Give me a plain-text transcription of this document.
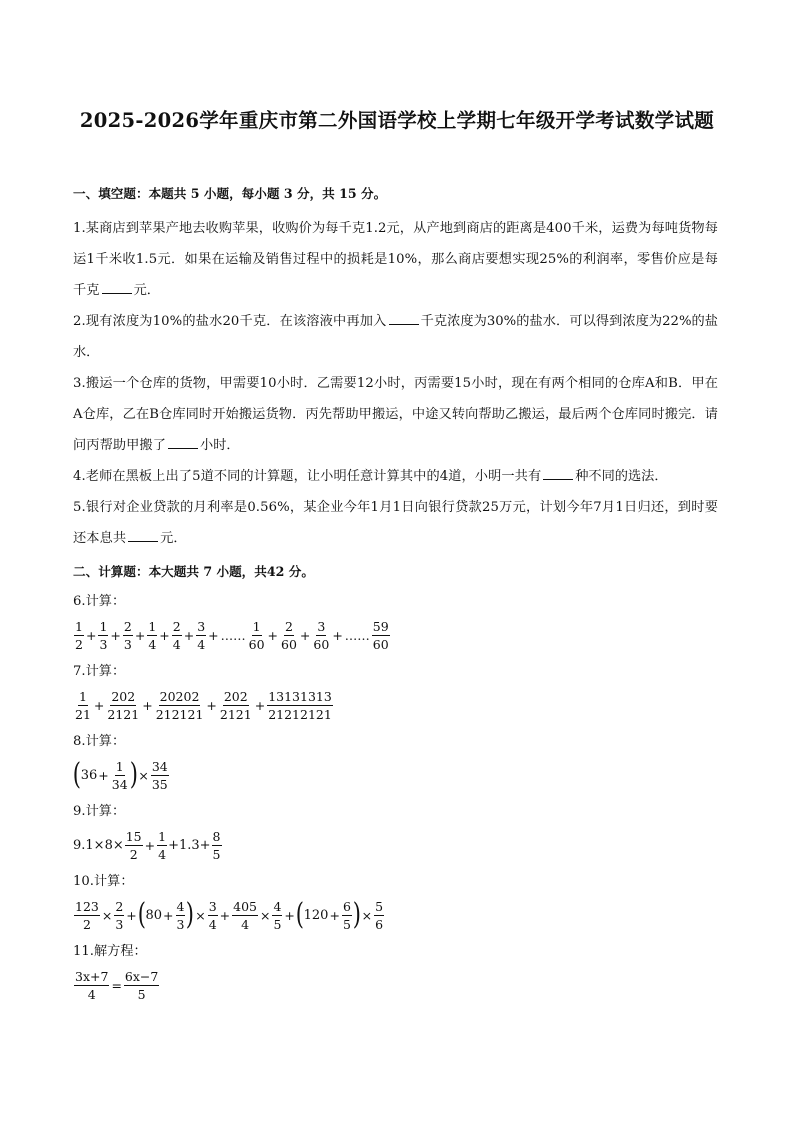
2025-2026学年重庆市第二外国语学校上学期七年级开学考试数学试题
一、填空题：本题共 5 小题，每小题 3 分，共 15 分。

1.某商店到苹果产地去收购苹果，收购价为每千克1.2元，从产地到商店的距离是400千米，运费为每吨货物每运1千米收1.5元．如果在运输及销售过程中的损耗是10%，那么商店要想实现25%的利润率，零售价应是每千克	元．

2.现有浓度为10%的盐水20千克．在该溶液中再加入	千克浓度为30%的盐水．可以得到浓度为22%的盐水．

3.搬运一个仓库的货物，甲需要10小时．乙需要12小时，丙需要15小时，现在有两个相同的仓库A和B．甲在A仓库，乙在B仓库同时开始搬运货物．丙先帮助甲搬运，中途又转向帮助乙搬运，最后两个仓库同时搬完．请问丙帮助甲搬了	小时．

4.老师在黑板上出了5道不同的计算题，让小明任意计算其中的4道，小明一共有	种不同的选法．

5.银行对企业贷款的月利率是0.56%，某企业今年1月1日向银行贷款25万元，计划今年7月1日归还，到时要还本息共	元．

二、计算题：本大题共 7 小题，共42 分。
6.计算：
$\frac{1}{2} + \frac{1}{3} + \frac{2}{3} + \frac{1}{4} + \frac{2}{4} + \frac{3}{4}$ + …… $\frac{1}{60} + \frac{2}{60} + \frac{3}{60}$ + …… $\frac{59}{60}$
7.计算：
$\frac{1}{21} + \frac{202}{2121} + \frac{20202}{212121} + \frac{202}{2121} + \frac{13131313}{21212121}$
8.计算：
( $36 + \frac{1}{34}$ ) × $\frac{34}{35}$
9.计算：
$9.1\times 8\times \frac{15}{2} + \frac{1}{4} +1.3+ \frac{8}{5}$
10.计算：
$\frac{123}{2} \times \frac{2}{3}$ + ( $80 + \frac{4}{3}$ ) × $\frac{3}{4} + \frac{405}{4} \times \frac{4}{5}$ + ( $120 + \frac{6}{5}$ ) × $\frac{5}{6}$
11.解方程：
$\frac{3x+7}{4} = \frac{6x-7}{5}$
